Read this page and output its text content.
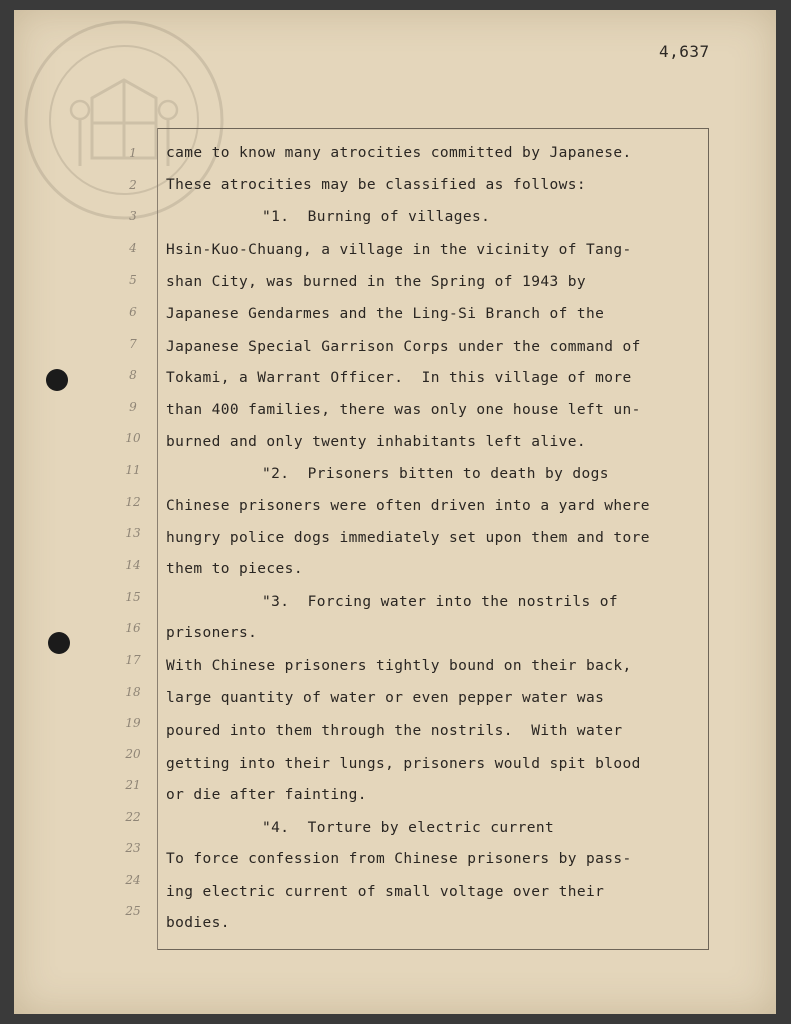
4,637
1
2
3
4
5
6
7
8
9
10
11
12
13
14
15
16
17
18
19
20
21
22
23
24
25
came to know many atrocities committed by Japanese.
These atrocities may be classified as follows:
"1.  Burning of villages.
Hsin-Kuo-Chuang, a village in the vicinity of Tang-
shan City, was burned in the Spring of 1943 by
Japanese Gendarmes and the Ling-Si Branch of the
Japanese Special Garrison Corps under the command of
Tokami, a Warrant Officer.  In this village of more
than 400 families, there was only one house left un-
burned and only twenty inhabitants left alive.
"2.  Prisoners bitten to death by dogs
Chinese prisoners were often driven into a yard where
hungry police dogs immediately set upon them and tore
them to pieces.
"3.  Forcing water into the nostrils of
prisoners.
With Chinese prisoners tightly bound on their back,
large quantity of water or even pepper water was
poured into them through the nostrils.  With water
getting into their lungs, prisoners would spit blood
or die after fainting.
"4.  Torture by electric current
To force confession from Chinese prisoners by pass-
ing electric current of small voltage over their
bodies.
